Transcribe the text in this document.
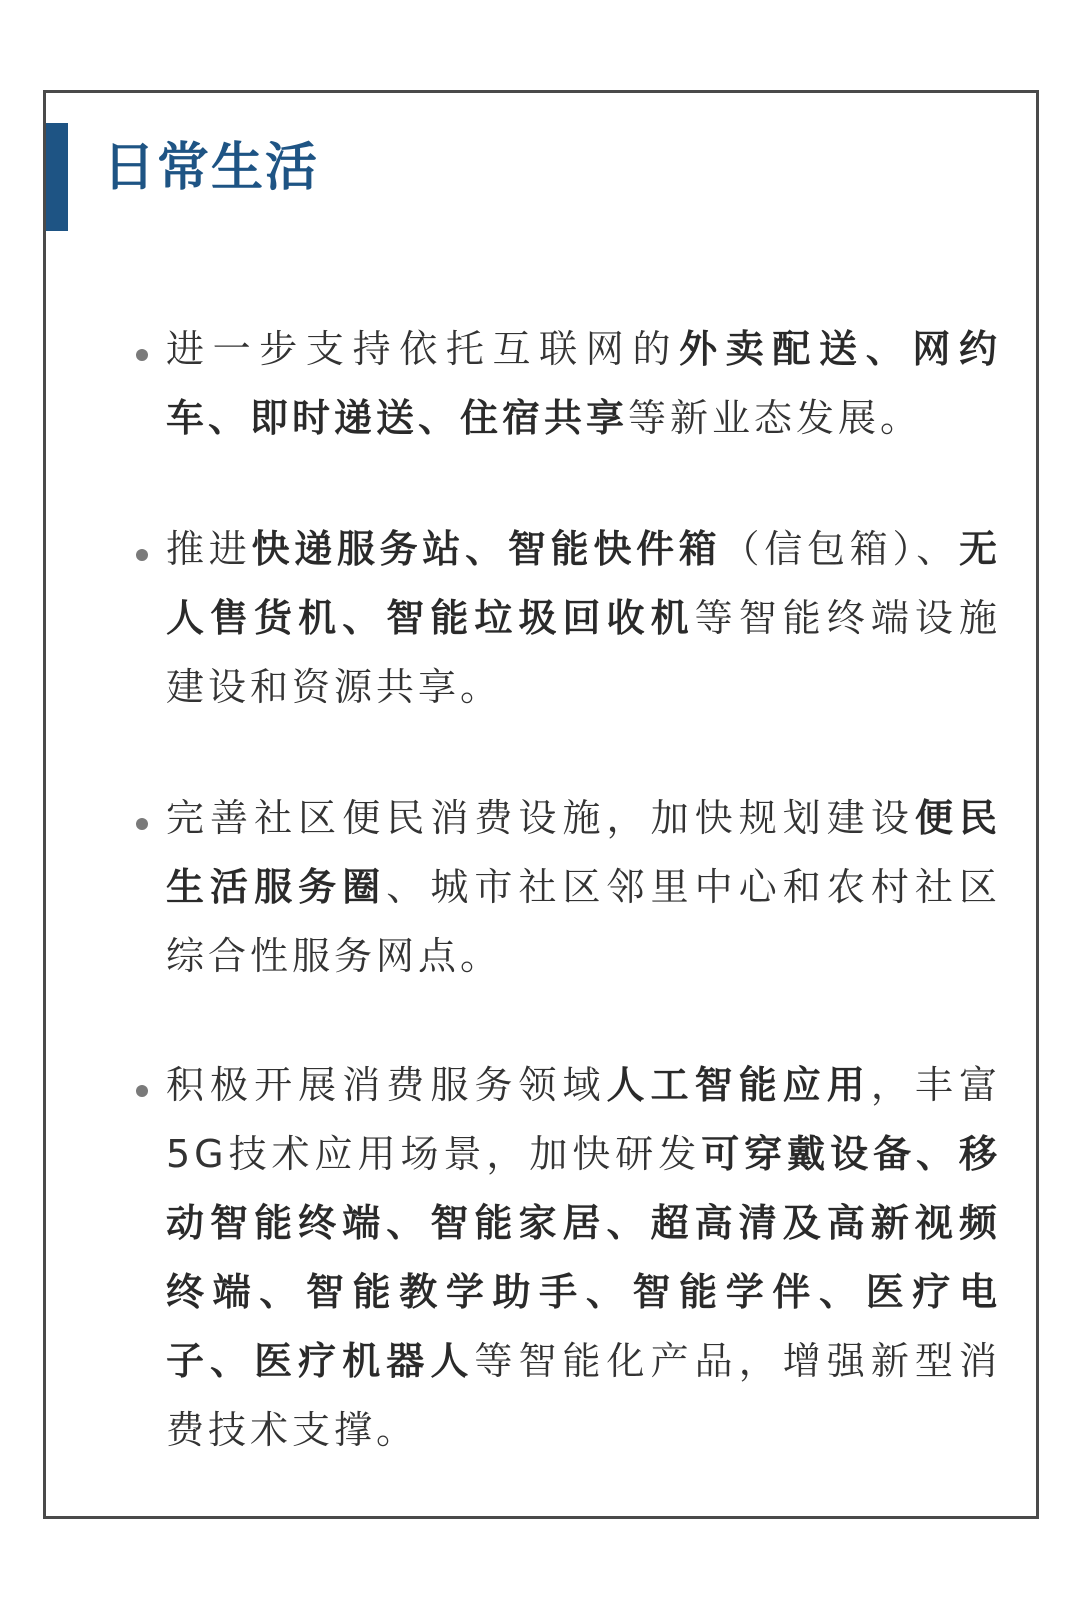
日常生活

进一步支持依托互联网的外卖配送、网约车、即时递送、住宿共享等新业态发展。

推进快递服务站、智能快件箱（信包箱）、无人售货机、智能垃圾回收机等智能终端设施建设和资源共享。

完善社区便民消费设施，加快规划建设便民生活服务圈、城市社区邻里中心和农村社区综合性服务网点。

积极开展消费服务领域人工智能应用，丰富5G技术应用场景，加快研发可穿戴设备、移动智能终端、智能家居、超高清及高新视频终端、智能教学助手、智能学伴、医疗电子、医疗机器人等智能化产品，增强新型消费技术支撑。
